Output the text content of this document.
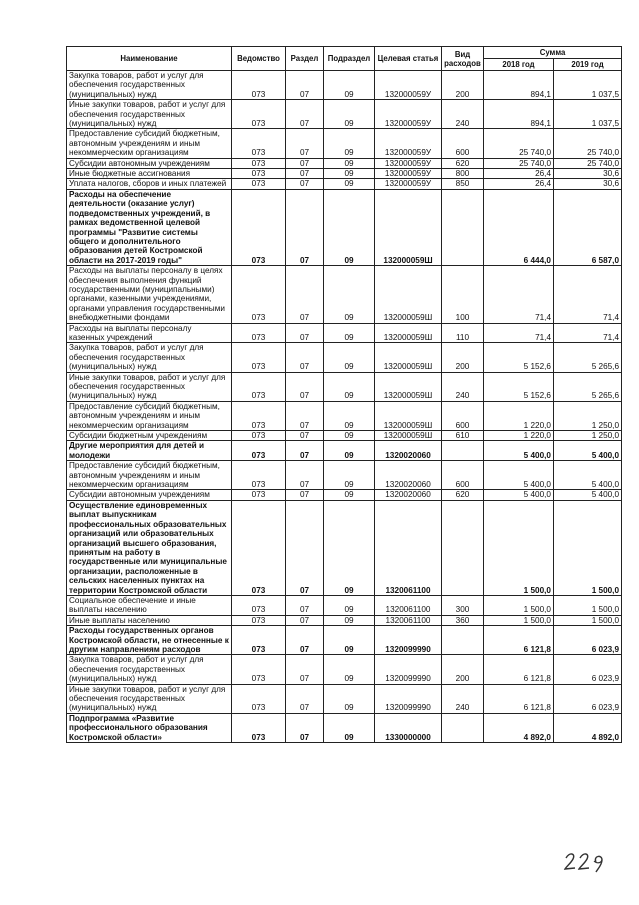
Наименование	Ведомство	Раздел	Подраздел	Целевая статья	Вид расходов	Сумма	
						2018 год	2019 год
Закупка товаров, работ и услуг для обеспечения государственных (муниципальных) нужд	073	07	09	132000059У	200	894,1	1 037,5
Иные закупки товаров, работ и услуг для обеспечения государственных (муниципальных) нужд	073	07	09	132000059У	240	894,1	1 037,5
Предоставление субсидий бюджетным, автономным учреждениям и иным некоммерческим организациям	073	07	09	132000059У	600	25 740,0	25 740,0
Субсидии автономным учреждениям	073	07	09	132000059У	620	25 740,0	25 740,0
Иные бюджетные ассигнования	073	07	09	132000059У	800	26,4	30,6
Уплата налогов, сборов и иных платежей	073	07	09	132000059У	850	26,4	30,6
Расходы на обеспечение деятельности (оказание услуг) подведомственных учреждений, в рамках ведомственной целевой программы "Развитие системы общего и дополнительного образования детей Костромской области на 2017-2019 годы"	073	07	09	132000059Ш		6 444,0	6 587,0
Расходы на выплаты персоналу в целях обеспечения выполнения функций государственными (муниципальными) органами, казенными учреждениями, органами управления государственными внебюджетными фондами	073	07	09	132000059Ш	100	71,4	71,4
Расходы на выплаты персоналу казенных учреждений	073	07	09	132000059Ш	110	71,4	71,4
Закупка товаров, работ и услуг для обеспечения государственных (муниципальных) нужд	073	07	09	132000059Ш	200	5 152,6	5 265,6
Иные закупки товаров, работ и услуг для обеспечения государственных (муниципальных) нужд	073	07	09	132000059Ш	240	5 152,6	5 265,6
Предоставление субсидий бюджетным, автономным учреждениям и иным некоммерческим организациям	073	07	09	132000059Ш	600	1 220,0	1 250,0
Субсидии бюджетным учреждениям	073	07	09	132000059Ш	610	1 220,0	1 250,0
Другие мероприятия для детей и молодежи	073	07	09	1320020060		5 400,0	5 400,0
Предоставление субсидий бюджетным, автономным учреждениям и иным некоммерческим организациям	073	07	09	1320020060	600	5 400,0	5 400,0
Субсидии автономным учреждениям	073	07	09	1320020060	620	5 400,0	5 400,0
Осуществление единовременных выплат выпускникам профессиональных образовательных организаций или образовательных организаций высшего образования, принятым на работу в государственные или муниципальные организации, расположенные в сельских населенных пунктах на территории Костромской области	073	07	09	1320061100		1 500,0	1 500,0
Социальное обеспечение и иные выплаты населению	073	07	09	1320061100	300	1 500,0	1 500,0
Иные выплаты населению	073	07	09	1320061100	360	1 500,0	1 500,0
Расходы государственных органов Костромской области, не отнесенные к другим направлениям расходов	073	07	09	1320099990		6 121,8	6 023,9
Закупка товаров, работ и услуг для обеспечения государственных (муниципальных) нужд	073	07	09	1320099990	200	6 121,8	6 023,9
Иные закупки товаров, работ и услуг для обеспечения государственных (муниципальных) нужд	073	07	09	1320099990	240	6 121,8	6 023,9
Подпрограмма «Развитие профессионального образования Костромской области»	073	07	09	1330000000		4 892,0	4 892,0
